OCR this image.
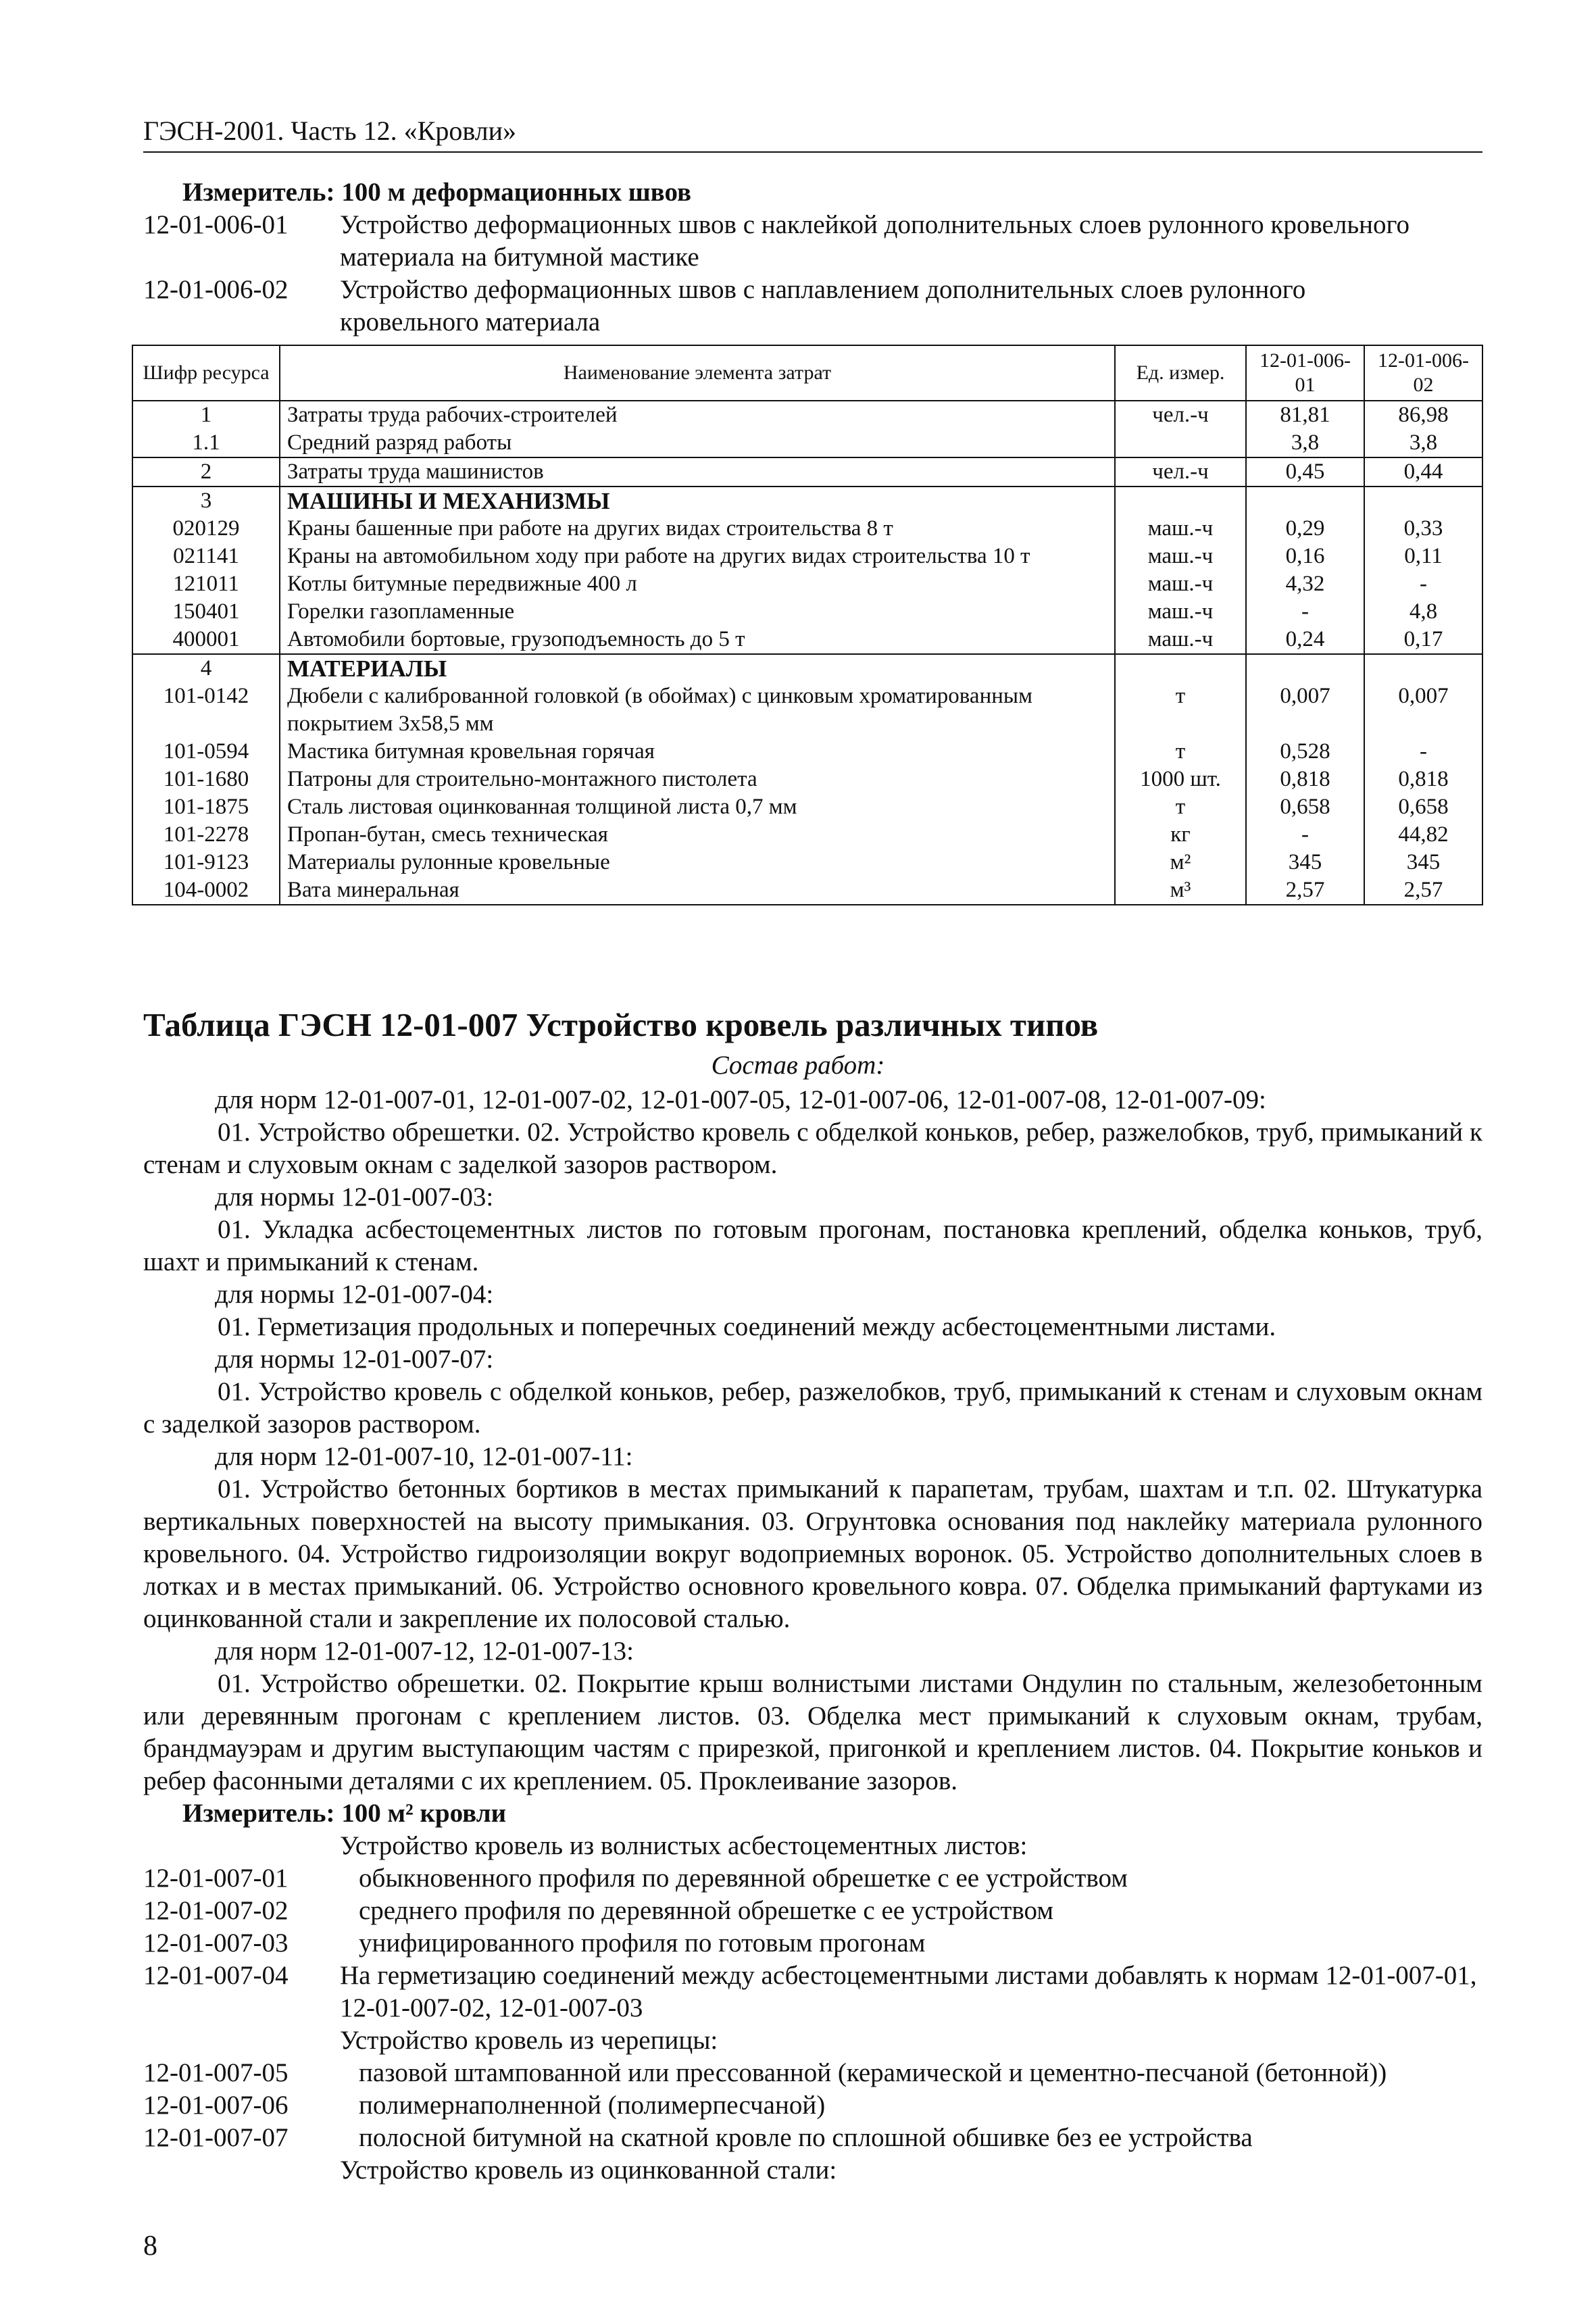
ГЭСН-2001. Часть 12. «Кровли»
Измеритель: 100 м деформационных швов
12-01-006-01 Устройство деформационных швов с наклейкой дополнительных слоев рулонного кровельного
материала на битумной мастике
12-01-006-02 Устройство деформационных швов с наплавлением дополнительных слоев рулонного
кровельного материала
Шифр ресурса	Наименование элемента затрат	Ед. измер.	12-01-006-01	12-01-006-02
1	Затраты труда рабочих-строителей	чел.-ч	81,81	86,98
1.1	Средний разряд работы		3,8	3,8
2	Затраты труда машинистов	чел.-ч	0,45	0,44
3	МАШИНЫ И МЕХАНИЗМЫ			
020129	Краны башенные при работе на других видах строительства 8 т	маш.-ч	0,29	0,33
021141	Краны на автомобильном ходу при работе на других видах строительства 10 т	маш.-ч	0,16	0,11
121011	Котлы битумные передвижные 400 л	маш.-ч	4,32	-
150401	Горелки газопламенные	маш.-ч	-	4,8
400001	Автомобили бортовые, грузоподъемность до 5 т	маш.-ч	0,24	0,17
4	МАТЕРИАЛЫ			
101-0142	Дюбели с калиброванной головкой (в обоймах) с цинковым хроматированным покрытием 3х58,5 мм	т	0,007	0,007
101-0594	Мастика битумная кровельная горячая	т	0,528	-
101-1680	Патроны для строительно-монтажного пистолета	1000 шт.	0,818	0,818
101-1875	Сталь листовая оцинкованная толщиной листа 0,7 мм	т	0,658	0,658
101-2278	Пропан-бутан, смесь техническая	кг	-	44,82
101-9123	Материалы рулонные кровельные	м²	345	345
104-0002	Вата минеральная	м³	2,57	2,57
Таблица ГЭСН 12-01-007 Устройство кровель различных типов
Состав работ:
для норм 12-01-007-01, 12-01-007-02, 12-01-007-05, 12-01-007-06, 12-01-007-08, 12-01-007-09:
01. Устройство обрешетки. 02. Устройство кровель с обделкой коньков, ребер, разжелобков, труб, примыканий к стенам и слуховым окнам с заделкой зазоров раствором.
для нормы 12-01-007-03:
01. Укладка асбестоцементных листов по готовым прогонам, постановка креплений, обделка коньков, труб, шахт и примыканий к стенам.
для нормы 12-01-007-04:
01. Герметизация продольных и поперечных соединений между асбестоцементными листами.
для нормы 12-01-007-07:
01. Устройство кровель с обделкой коньков, ребер, разжелобков, труб, примыканий к стенам и слуховым окнам с заделкой зазоров раствором.
для норм 12-01-007-10, 12-01-007-11:
01. Устройство бетонных бортиков в местах примыканий к парапетам, трубам, шахтам и т.п. 02. Штукатурка вертикальных поверхностей на высоту примыкания. 03. Огрунтовка основания под наклейку материала рулонного кровельного. 04. Устройство гидроизоляции вокруг водоприемных воронок. 05. Устройство дополнительных слоев в лотках и в местах примыканий. 06. Устройство основного кровельного ковра. 07. Обделка примыканий фартуками из оцинкованной стали и закрепление их полосовой сталью.
для норм 12-01-007-12, 12-01-007-13:
01. Устройство обрешетки. 02. Покрытие крыш волнистыми листами Ондулин по стальным, железобетонным или деревянным прогонам с креплением листов. 03. Обделка мест примыканий к слуховым окнам, трубам, брандмауэрам и другим выступающим частям с прирезкой, пригонкой и креплением листов. 04. Покрытие коньков и ребер фасонными деталями с их креплением. 05. Проклеивание зазоров.
Измеритель: 100 м² кровли
Устройство кровель из волнистых асбестоцементных листов:
12-01-007-01	обыкновенного профиля по деревянной обрешетке с ее устройством
12-01-007-02	среднего профиля по деревянной обрешетке с ее устройством
12-01-007-03	унифицированного профиля по готовым прогонам
12-01-007-04 На герметизацию соединений между асбестоцементными листами добавлять к нормам 12-01-007-01, 12-01-007-02, 12-01-007-03
Устройство кровель из черепицы:
12-01-007-05	пазовой штампованной или прессованной (керамической и цементно-песчаной (бетонной))
12-01-007-06	полимернаполненной (полимерпесчаной)
12-01-007-07	полосной битумной на скатной кровле по сплошной обшивке без ее устройства
Устройство кровель из оцинкованной стали:
8
